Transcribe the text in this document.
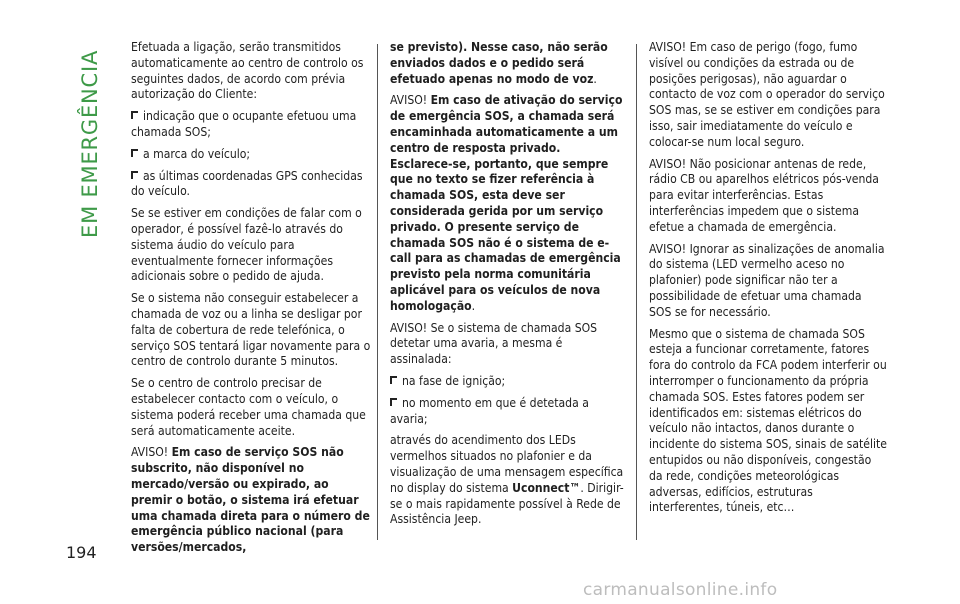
EM EMERGÊNCIA

Efetuada a ligação, serão transmitidos automaticamente ao centro de controlo os seguintes dados, de acordo com prévia autorização do Cliente:

indicação que o ocupante efetuou uma chamada SOS;

a marca do veículo;

as últimas coordenadas GPS conhecidas do veículo.

Se se estiver em condições de falar com o operador, é possível fazê-lo através do sistema áudio do veículo para eventualmente fornecer informações adicionais sobre o pedido de ajuda.

Se o sistema não conseguir estabelecer a chamada de voz ou a linha se desligar por falta de cobertura de rede telefónica, o serviço SOS tentará ligar novamente para o centro de controlo durante 5 minutos.

Se o centro de controlo precisar de estabelecer contacto com o veículo, o sistema poderá receber uma chamada que será automaticamente aceite.

AVISO! Em caso de serviço SOS não subscrito, não disponível no mercado/versão ou expirado, ao premir o botão, o sistema irá efetuar uma chamada direta para o número de emergência público nacional (para versões/mercados,

se previsto). Nesse caso, não serão enviados dados e o pedido será efetuado apenas no modo de voz.

AVISO! Em caso de ativação do serviço de emergência SOS, a chamada será encaminhada automaticamente a um centro de resposta privado. Esclarece-se, portanto, que sempre que no texto se fizer referência à chamada SOS, esta deve ser considerada gerida por um serviço privado. O presente serviço de chamada SOS não é o sistema de e-call para as chamadas de emergência previsto pela norma comunitária aplicável para os veículos de nova homologação.

AVISO! Se o sistema de chamada SOS detetar uma avaria, a mesma é assinalada:

na fase de ignição;

no momento em que é detetada a avaria;

através do acendimento dos LEDs vermelhos situados no plafonier e da visualização de uma mensagem específica no display do sistema Uconnect™. Dirigir-se o mais rapidamente possível à Rede de Assistência Jeep.

AVISO! Em caso de perigo (fogo, fumo visível ou condições da estrada ou de posições perigosas), não aguardar o contacto de voz com o operador do serviço SOS mas, se se estiver em condições para isso, sair imediatamente do veículo e colocar-se num local seguro.

AVISO! Não posicionar antenas de rede, rádio CB ou aparelhos elétricos pós-venda para evitar interferências. Estas interferências impedem que o sistema efetue a chamada de emergência.

AVISO! Ignorar as sinalizações de anomalia do sistema (LED vermelho aceso no plafonier) pode significar não ter a possibilidade de efetuar uma chamada SOS se for necessário.

Mesmo que o sistema de chamada SOS esteja a funcionar corretamente, fatores fora do controlo da FCA podem interferir ou interromper o funcionamento da própria chamada SOS. Estes fatores podem ser identificados em: sistemas elétricos do veículo não intactos, danos durante o incidente do sistema SOS, sinais de satélite entupidos ou não disponíveis, congestão da rede, condições meteorológicas adversas, edifícios, estruturas interferentes, túneis, etc…

194
carmanualsonline.info
